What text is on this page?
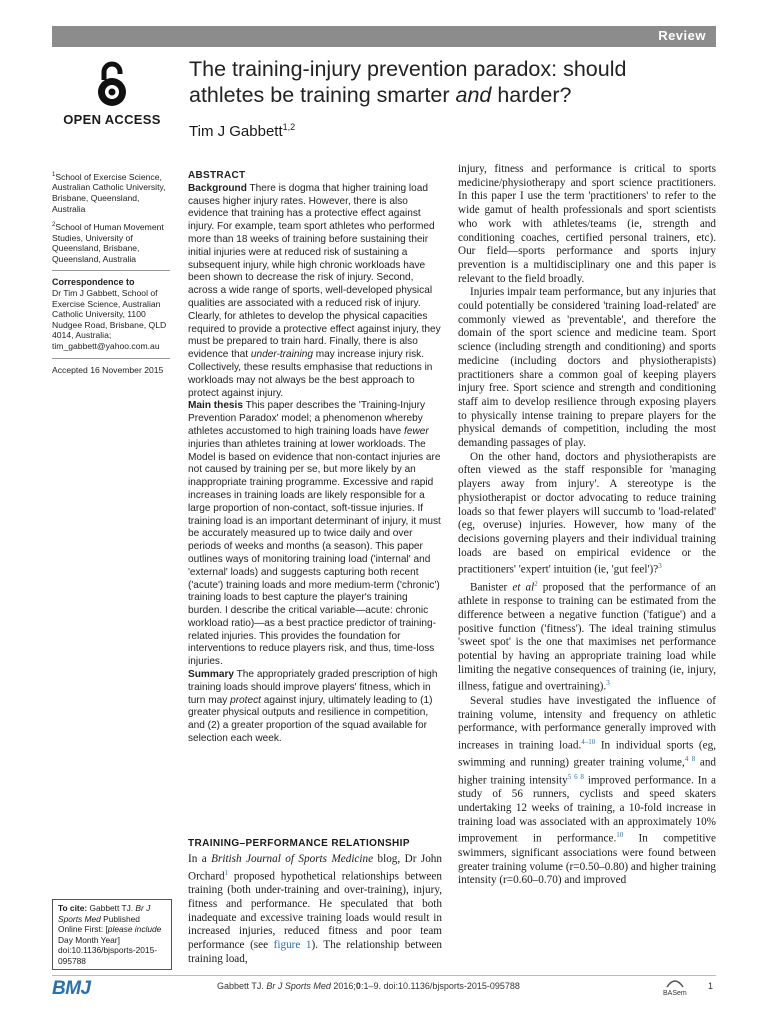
Review
OPEN ACCESS
The training-injury prevention paradox: should
athletes be training smarter and harder?
Tim J Gabbett$^{1,2}$

$^1$School of Exercise Science, Australian Catholic University, Brisbane, Queensland, Australia

$^2$School of Human Movement Studies, University of Queensland, Brisbane, Queensland, Australia

Correspondence to
Dr Tim J Gabbett, School of Exercise Science, Australian Catholic University, 1100 Nudgee Road, Brisbane, QLD 4014, Australia; tim_gabbett@yahoo.com.au

Accepted 16 November 2015

ABSTRACT

Background There is dogma that higher training load causes higher injury rates. However, there is also evidence that training has a protective effect against injury. For example, team sport athletes who performed more than 18 weeks of training before sustaining their initial injuries were at reduced risk of sustaining a subsequent injury, while high chronic workloads have been shown to decrease the risk of injury. Second, across a wide range of sports, well-developed physical qualities are associated with a reduced risk of injury. Clearly, for athletes to develop the physical capacities required to provide a protective effect against injury, they must be prepared to train hard. Finally, there is also evidence that under-training may increase injury risk. Collectively, these results emphasise that reductions in workloads may not always be the best approach to protect against injury.

Main thesis This paper describes the 'Training-Injury Prevention Paradox' model; a phenomenon whereby athletes accustomed to high training loads have fewer injuries than athletes training at lower workloads. The Model is based on evidence that non-contact injuries are not caused by training per se, but more likely by an inappropriate training programme. Excessive and rapid increases in training loads are likely responsible for a large proportion of non-contact, soft-tissue injuries. If training load is an important determinant of injury, it must be accurately measured up to twice daily and over periods of weeks and months (a season). This paper outlines ways of monitoring training load ('internal' and 'external' loads) and suggests capturing both recent ('acute') training loads and more medium-term ('chronic') training loads to best capture the player's training burden. I describe the critical variable—acute: chronic workload ratio)—as a best practice predictor of training-related injuries. This provides the foundation for interventions to reduce players risk, and thus, time-loss injuries.

Summary The appropriately graded prescription of high training loads should improve players' fitness, which in turn may protect against injury, ultimately leading to (1) greater physical outputs and resilience in competition, and (2) a greater proportion of the squad available for selection each week.

TRAINING–PERFORMANCE RELATIONSHIP

In a British Journal of Sports Medicine blog, Dr John Orchard$^1$ proposed hypothetical relationships between training (both under-training and over-training), injury, fitness and performance. He speculated that both inadequate and excessive training loads would result in increased injuries, reduced fitness and poor team performance (see figure 1). The relationship between training load,

injury, fitness and performance is critical to sports medicine/physiotherapy and sport science practitioners. In this paper I use the term 'practitioners' to refer to the wide gamut of health professionals and sport scientists who work with athletes/teams (ie, strength and conditioning coaches, certified personal trainers, etc). Our field—sports performance and sports injury prevention is a multidisciplinary one and this paper is relevant to the field broadly.

Injuries impair team performance, but any injuries that could potentially be considered 'training load-related' are commonly viewed as 'preventable', and therefore the domain of the sport science and medicine team. Sport science (including strength and conditioning) and sports medicine (including doctors and physiotherapists) practitioners share a common goal of keeping players injury free. Sport science and strength and conditioning staff aim to develop resilience through exposing players to physically intense training to prepare players for the physical demands of competition, including the most demanding passages of play.

On the other hand, doctors and physiotherapists are often viewed as the staff responsible for 'managing players away from injury'. A stereotype is the physiotherapist or doctor advocating to reduce training loads so that fewer players will succumb to 'load-related' (eg, overuse) injuries. However, how many of the decisions governing players and their individual training loads are based on empirical evidence or the practitioners' 'expert' intuition (ie, 'gut feel')?$^3$

Banister et al$^2$ proposed that the performance of an athlete in response to training can be estimated from the difference between a negative function ('fatigue') and a positive function ('fitness'). The ideal training stimulus 'sweet spot' is the one that maximises net performance potential by having an appropriate training load while limiting the negative consequences of training (ie, injury, illness, fatigue and overtraining).$^3$

Several studies have investigated the influence of training volume, intensity and frequency on athletic performance, with performance generally improved with increases in training load.$^{4-10}$ In individual sports (eg, swimming and running) greater training volume,$^{4 8}$ and higher training intensity$^{5 6 8}$ improved performance. In a study of 56 runners, cyclists and speed skaters undertaking 12 weeks of training, a 10-fold increase in training load was associated with an approximately 10% improvement in performance.$^{10}$ In competitive swimmers, significant associations were found between greater training volume (r=0.50–0.80) and higher training intensity (r=0.60–0.70) and improved

To cite: Gabbett TJ. Br J Sports Med Published Online First: [please include Day Month Year] doi:10.1136/bjsports-2015-095788
BMJ	Gabbett TJ. Br J Sports Med 2016;0:1–9. doi:10.1136/bjsports-2015-095788

BASem
1
